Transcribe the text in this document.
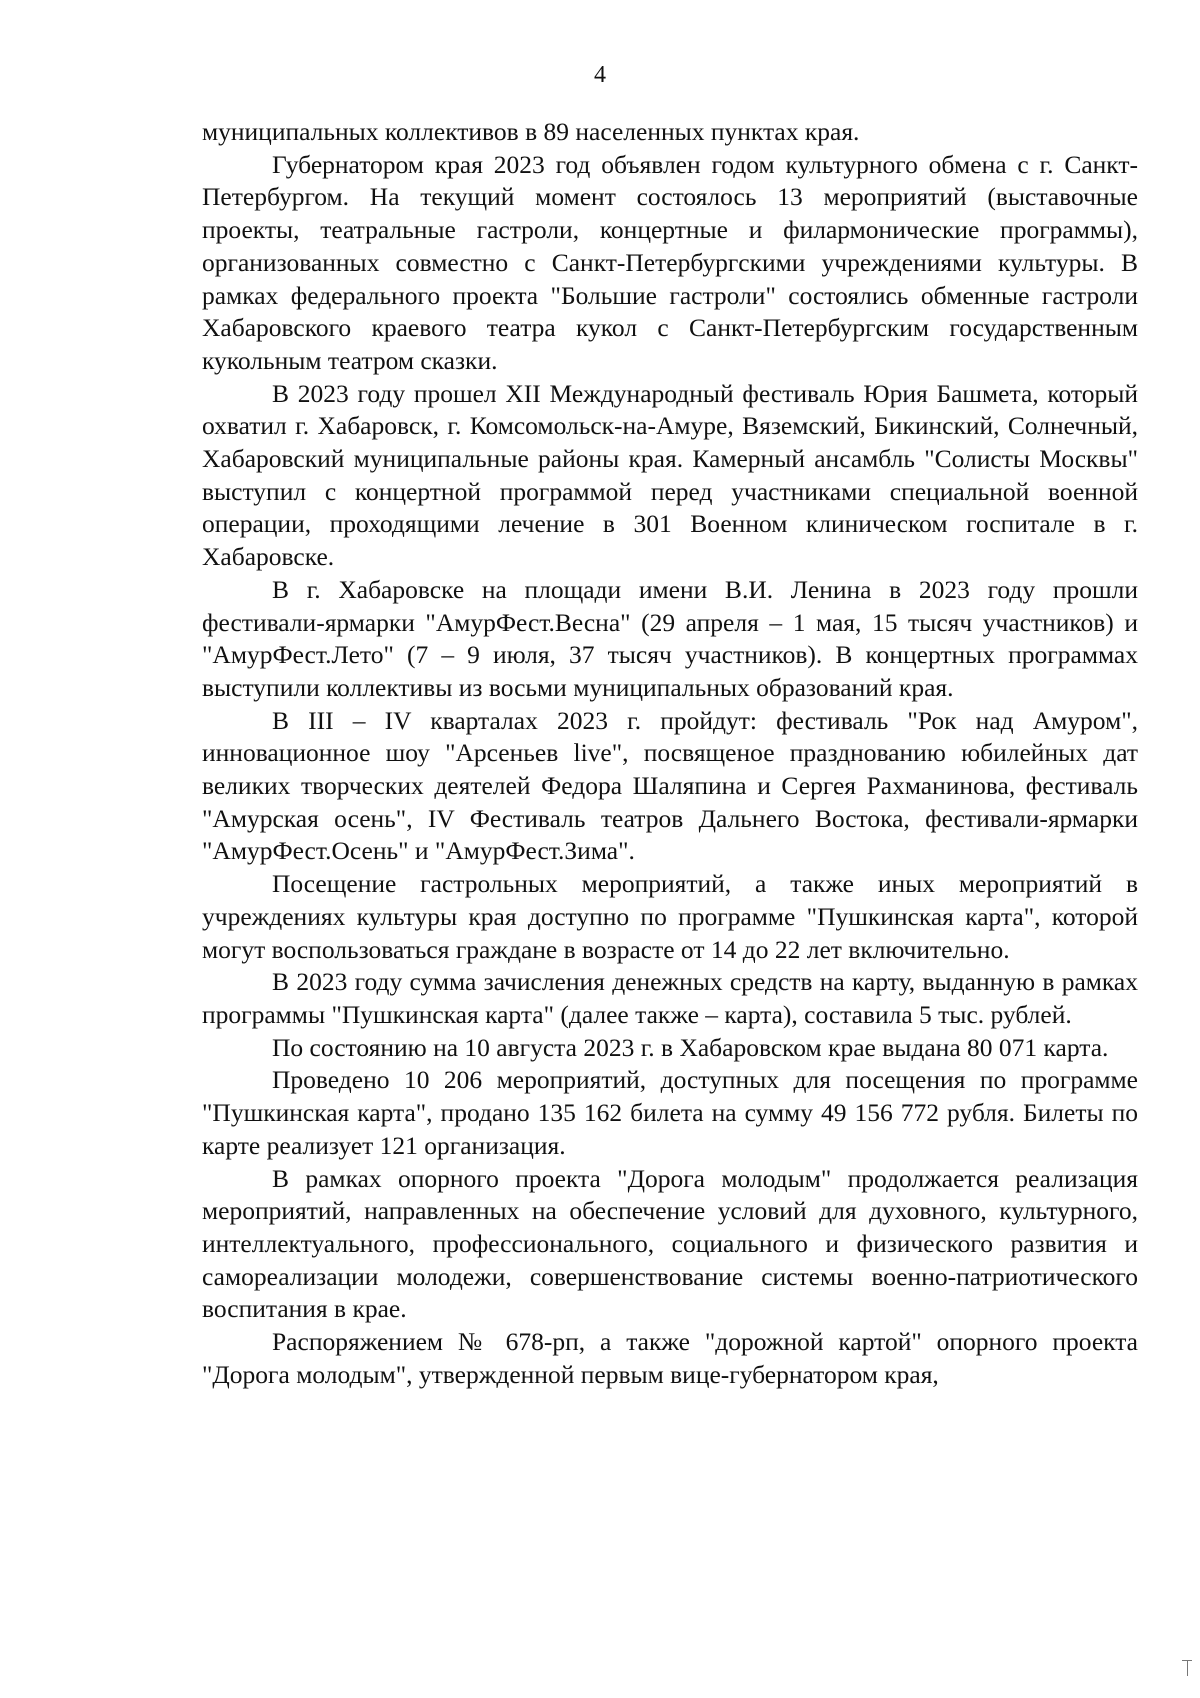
4

муниципальных коллективов в 89 населенных пунктах края.

Губернатором края 2023 год объявлен годом культурного обмена с г. Санкт-Петербургом. На текущий момент состоялось 13 мероприятий (выставочные проекты, театральные гастроли, концертные и филармонические программы), организованных совместно с Санкт-Петербургскими учреждениями культуры. В рамках федерального проекта "Большие гастроли" состоялись обменные гастроли Хабаровского краевого театра кукол с Санкт-Петербургским государственным кукольным театром сказки.

В 2023 году прошел XII Международный фестиваль Юрия Башмета, который охватил г. Хабаровск, г. Комсомольск-на-Амуре, Вяземский, Бикинский, Солнечный, Хабаровский муниципальные районы края. Камерный ансамбль "Солисты Москвы" выступил с концертной программой перед участниками специальной военной операции, проходящими лечение в 301 Военном клиническом госпитале в г. Хабаровске.

В г. Хабаровске на площади имени В.И. Ленина в 2023 году прошли фестивали-ярмарки "АмурФест.Весна" (29 апреля – 1 мая, 15 тысяч участников) и "АмурФест.Лето" (7 – 9 июля, 37 тысяч участников). В концертных программах выступили коллективы из восьми муниципальных образований края.

В III – IV кварталах 2023 г. пройдут: фестиваль "Рок над Амуром", инновационное шоу "Арсеньев live", посвященое празднованию юбилейных дат великих творческих деятелей Федора Шаляпина и Сергея Рахманинова, фестиваль "Амурская осень", IV Фестиваль театров Дальнего Востока, фестивали-ярмарки "АмурФест.Осень" и "АмурФест.Зима".

Посещение гастрольных мероприятий, а также иных мероприятий в учреждениях культуры края доступно по программе "Пушкинская карта", которой могут воспользоваться граждане в возрасте от 14 до 22 лет включительно.

В 2023 году сумма зачисления денежных средств на карту, выданную в рамках программы "Пушкинская карта" (далее также – карта), составила 5 тыс. рублей.

По состоянию на 10 августа 2023 г. в Хабаровском крае выдана 80 071 карта.

Проведено 10 206 мероприятий, доступных для посещения по программе "Пушкинская карта", продано 135 162 билета на сумму 49 156 772 рубля. Билеты по карте реализует 121 организация.

В рамках опорного проекта "Дорога молодым" продолжается реализация мероприятий, направленных на обеспечение условий для духовного, культурного, интеллектуального, профессионального, социального и физического развития и самореализации молодежи, совершенствование системы военно-патриотического воспитания в крае.

Распоряжением № 678-рп, а также "дорожной картой" опорного проекта "Дорога молодым", утвержденной первым вице-губернатором края,
